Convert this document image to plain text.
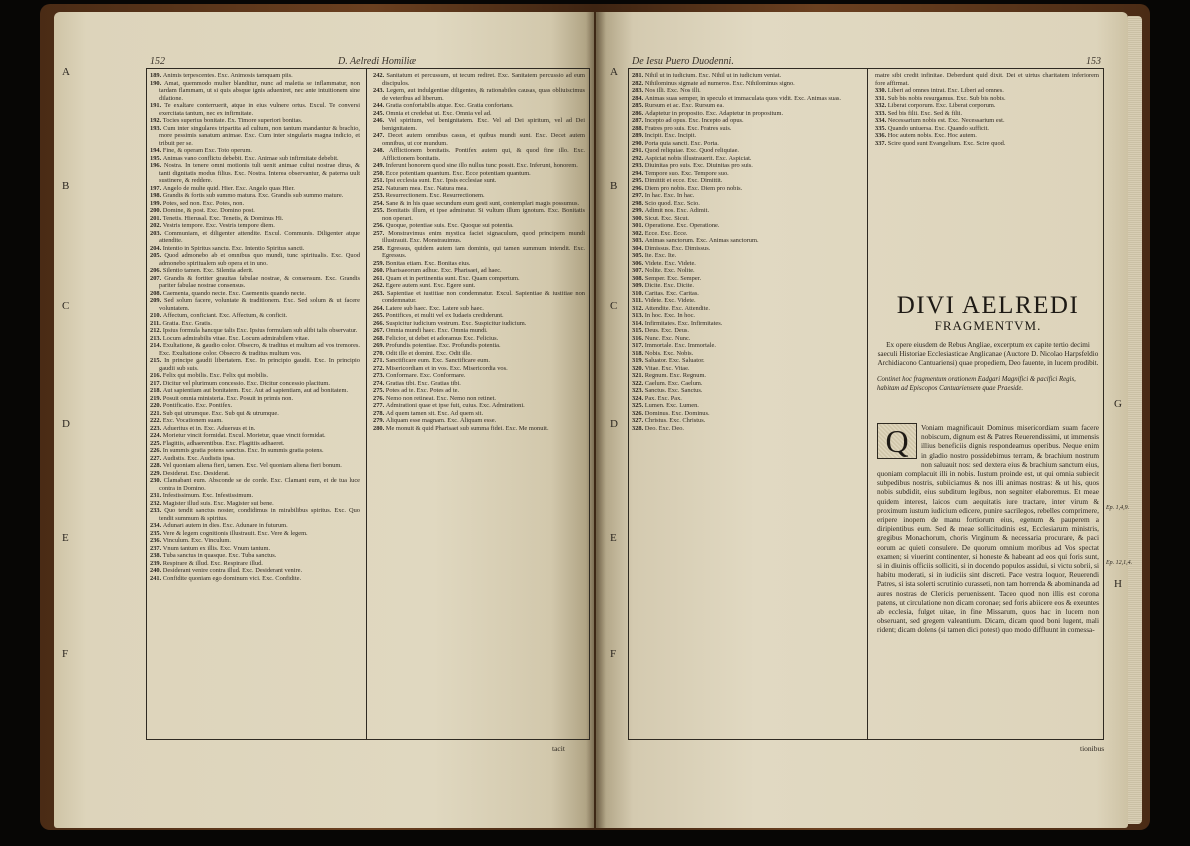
152	D. Aelredi Homiliæ	De Iesu Puero Duodenni.	153

189. Animis terpescentes. Exc. Animosis tamquam piis.

190. Amat, quemmodo mulier blanditur, nunc ad maletia se inflammatur, non tardam flammam, ut si quis absque ignis adueniret, nec ante intuitionem sine dilatione.

191. Te exaltare conterruerit, atque in eius vulnere ortus. Excul. Te conversi exercitata tantum, nec ex infirmitate.

192. Tocies superius bonitate. Ex. Timore superiori bonitas.

193. Cum inter singulares tripartita ad cultum, non tantum mandantur & brachio, more pessimis sanatum animae. Exc. Cum inter singularis magna indicio, et tribuit per se.

194. Fine, & operam Exc. Toto operum.

195. Animas vano conflictu debebit. Exc. Animae sub infirmitate debebit.

196. Nostra. In tenere omni motionis tuli uenit animae cultui nostrae dirus, & tanti dignitatis modus filius. Exc. Nostra. Interea observantur, & paterna uult sustinere, & reddere.

197. Angelo de multe quid. Hier. Exc. Angelo quas Hier.

198. Grandis & fortis sub summo matura. Exc. Grandis sub summo mature.

199. Potes, sed non. Exc. Potes, non.

200. Domine, & post. Exc. Domino post.

201. Tenetis. Hierusal. Exc. Tenetis, & Dominus Hi.

202. Vestris tempore. Exc. Vestris tempore diem.

203. Communiam, et diligenter attendite. Excul. Communis. Diligenter atque attendite.

204. Intentio in Spiritus sanctu. Exc. Intentio Spiritus sancti.

205. Quod admonebo ab et omnibus quo mundi, tunc spiritualis. Exc. Quod admonebo spiritualem sub opera et in uno.

206. Silentio tamen. Exc. Silentia aderit.

207. Grandis & fortiter grauitas fabulae nostrae, & consensum. Exc. Grandis pariter fabulae nostrae consensus.

208. Caementa, quando necte. Exc. Caementis quando necte.

209. Sed solum facere, voluntate & traditionem. Exc. Sed solum & ut facere voluntatem.

210. Affectum, conficiant. Exc. Affectum, & conficit.

211. Gratia. Exc. Gratis.

212. Ipsius formula hancque talis Exc. Ipsius formulam sub alibi talis observatur.

213. Locum admirabilis vitae. Exc. Locum admirabilem vitae.

214. Exultatione, & gaudio color. Obsecro, & traditus et multum ad vos tremores. Exc. Exultatione color. Obsecro & traditus multum vos.

215. In principe gaudii libertatem. Exc. In principio gaudii. Exc. In principio gaudii sub suis.

216. Felix qui mobilis. Exc. Felix qui mobilis.

217. Dicitur vel plurimum concessio. Exc. Dicitur concessio placitum.

218. Aut sapientiam aut bonitatem. Exc. Aut ad sapientiam, aut ad bonitatem.

219. Posuit omnia ministeria. Exc. Posuit in primis non.

220. Pontificatio. Exc. Pontifex.

221. Sub qui utrumque. Exc. Sub qui & utrumque.

222. Exc. Vocationem suam.

223. Adueritus et in. Exc. Aduersus et in.

224. Morietur vincit formidat. Excul. Morietur, quae vincit formidat.

225. Flagitiis, adhaerentibus. Exc. Flagitiis adhaeret.

226. In summis gratia potens sanctus. Exc. In summis gratia potens.

227. Audistis. Exc. Audistis ipsa.

228. Vel quoniam aliena fieri, tamen. Exc. Vel quoniam aliena fieri bonum.

229. Desiderat. Exc. Desiderat.

230. Clamabant eum. Absconde se de corde. Exc. Clamant eum, et de tua luce contra in Domino.

231. Infestissimum. Exc. Infestissimum.

232. Magister illud suis. Exc. Magister sui bene.

233. Quo tendit sanctus noster, condidimus in mirabilibus spiritus. Exc. Quo tendit summum & spiritus.

234. Adunari autem in dies. Exc. Adunare in futurum.

235. Vere & legem cognitionis illustrauit. Exc. Vere & legem.

236. Vinculum. Exc. Vinculum.

237. Vnum tantum ex illis. Exc. Vnum tantum.

238. Tuba sanctus in quasque. Exc. Tuba sanctus.

239. Respirare & illud. Exc. Respirare illud.

240. Desiderant venire contra illud. Exc. Desiderant venire.

241. Confidite quoniam ego dominum vici. Exc. Confidite.

242. Sanitatum et percussum, ut tecum rediret. Exc. Sanitatem percussio ad eum discipulos.

243. Legem, aut indulgentiae diligentes, & rationabiles causas, quas obliuiscimus de veteribus ad liberum.

244. Gratia confortabilis atque. Exc. Gratia confortans.

245. Omnia et credebat ut. Exc. Omnia vel ad.

246. Vel spiritum, vel benignitatem. Exc. Vel ad Dei spiritum, vel ad Dei benignitatem.

247. Decet autem omnibus casus, et quibus mundi sunt. Exc. Decet autem omnibus, ut cor mundum.

248. Afflictionem bonitatis. Pontifex autem qui, & quod fine illo. Exc. Afflictionem bonitatis.

249. Inferunt honorem quod sine illo nullus tunc possit. Exc. Inferunt, honorem.

250. Ecce potentiam quantum. Exc. Ecce potentiam quantum.

251. Ipsi ecclesia sunt. Exc. Ipsis ecclesiae sunt.

252. Naturam mea. Exc. Natura mea.

253. Resurrectionem. Exc. Resurrectionem.

254. Sane & in his quae secundum eum gesti sunt, contemplari magis possumus.

255. Bonitatis illum, et ipse admiratur. Si vultum illum ignotum. Exc. Bonitatis non operari.

256. Quoque, potentiae suis. Exc. Quoque sui potentia.

257. Monstravimus enim mystica faciei signaculum, quod principem mundi illustrauit. Exc. Monstrauimus.

258. Egressus, quidem autem iam dominis, qui tamen summum intendit. Exc. Egressus.

259. Bonitas etiam. Exc. Bonitas eius.

260. Pharisaeorum adhuc. Exc. Pharisaei, ad haec.

261. Quam et in pertinentia sunt. Exc. Quam compertum.

262. Egere autem sunt. Exc. Egere sunt.

263. Sapientiae et iustitiae non condemnatur. Excul. Sapientiae & iustitiae non condemnatur.

264. Latere sub haec. Exc. Latere sub haec.

265. Pontifices, et multi vel ex Iudaeis crediderunt.

266. Suspicitur iudicium vestrum. Exc. Suspicitur iudicium.

267. Omnia mundi haec. Exc. Omnia mundi.

268. Felicior, ut debet et adoramus Exc. Felicius.

269. Profundis potentiae. Exc. Profundis potentia.

270. Odit ille et domini. Exc. Odit ille.

271. Sanctificare eum. Exc. Sanctificare eum.

272. Misericordiam et in vos. Exc. Misericordia vos.

273. Conformare. Exc. Conformare.

274. Gratias tibi. Exc. Gratias tibi.

275. Potes ad te. Exc. Potes ad te.

276. Nemo non retineat. Exc. Nemo non retinet.

277. Admirationi quae et ipse fuit, cuius. Exc. Admirationi.

278. Ad quem tamen sit. Exc. Ad quem sit.

279. Aliquam esse magnam. Exc. Aliquam esse.

280. Me monuit & quid Pharisaei sub summa fidei. Exc. Me monuit.

281. Nihil ut in iudicium. Exc. Nihil ut in iudicium veniat.

282. Nihilominus sigmate ad numeros. Exc. Nihilominus signo.

283. Nos illi. Exc. Nos illi.

284. Animas suas semper, in speculo et immaculata quos vidit. Exc. Animas suas.

285. Rursum et ac. Exc. Rursum ea.

286. Adaptetur in proposito. Exc. Adaptetur in propositum.

287. Incepto ad opus. Exc. Incepto ad opus.

288. Fratres pro suis. Exc. Fratres suis.

289. Incipit. Exc. Incipit.

290. Porta quia sancti. Exc. Porta.

291. Quod reliquiae. Exc. Quod reliquiae.

292. Aspiciat nobis illustrauerit. Exc. Aspiciat.

293. Diuinitas pro suis. Exc. Diuinitas pro suis.

294. Tempore suo. Exc. Tempore suo.

295. Dimittit et ecce. Exc. Dimittit.

296. Diem pro nobis. Exc. Diem pro nobis.

297. In hac. Exc. In hac.

298. Scio quod. Exc. Scio.

299. Adimit nos. Exc. Adimit.

300. Sicut. Exc. Sicut.

301. Operatione. Exc. Operatione.

302. Ecce. Exc. Ecce.

303. Animas sanctorum. Exc. Animas sanctorum.

304. Dimissus. Exc. Dimissus.

305. Ite. Exc. Ite.

306. Videte. Exc. Videte.

307. Nolite. Exc. Nolite.

308. Semper. Exc. Semper.

309. Dicite. Exc. Dicite.

310. Caritas. Exc. Caritas.

311. Videte. Exc. Videte.

312. Attendite. Exc. Attendite.

313. In hoc. Exc. In hoc.

314. Infirmitates. Exc. Infirmitates.

315. Deus. Exc. Deus.

316. Nunc. Exc. Nunc.

317. Immortale. Exc. Immortale.

318. Nobis. Exc. Nobis.

319. Saluator. Exc. Saluator.

320. Vitae. Exc. Vitae.

321. Regnum. Exc. Regnum.

322. Caelum. Exc. Caelum.

323. Sanctus. Exc. Sanctus.

324. Pax. Exc. Pax.

325. Lumen. Exc. Lumen.

326. Dominus. Exc. Dominus.

327. Christus. Exc. Christus.

328. Deo. Exc. Deo.

matre sibi credit infinitae. Deberdunt quid dixit. Dei et uirtus charitatem inferiorem fore affirmat.

330. Liberi ad omnes intrat. Exc. Liberi ad omnes.

331. Sub bis nobis resurgamus. Exc. Sub bis nobis.

332. Liberat corporum. Exc. Liberat corporum.

333. Sed bis filii. Exc. Sed & filii.

334. Necessarium nobis est. Exc. Necessarium est.

335. Quando uniuersa. Exc. Quando sufficit.

336. Hoc autem nobis. Exc. Hoc autem.

337. Scire quod sunt Evangelium. Exc. Scire quod.

DIVI AELREDI
FRAGMENTVM.
Ex opere eiusdem de Rebus Angliae, excerptum ex capite tertio decimi saeculi Historiae Ecclesiasticae Anglicanae (Auctore D. Nicolao Harpsfeldio Archidiacono Cantuariensi) quae propediem, Deo fauente, in lucem prodibit.
Continet hoc fragmentum orationem Eadgari Magnifici & pacifici Regis, habitam ad Episcopos Cantuariensem quae Praeside.
Q	Voniam magnificauit Dominus misericordiam suam facere nobiscum, dignum est & Patres Reuerendissimi, ut immensis illius beneficiis dignis respondeamus operibus. Neque enim in gladio nostro possidebimus terram, & brachium nostrum non saluauit nos: sed dextera eius & brachium sanctum eius, quoniam complacuit illi in nobis. Iustum proinde est, ut qui omnia subiecit subpedibus nostris, subiiciamus & nos illi animas nostras: & ut his, quos nobis subdidit, eius subditum legibus, non segniter elaboremus. Et meae quidem interest, laicos cum aequitatis iure tractare, inter virum & proximum iustum iudicium edicere, punire sacrilegos, rebelles comprimere, eripere inopem de manu fortiorum eius, egenum & pauperem a diripientibus eum. Sed & meae sollicitudinis est, Ecclesiarum ministris, gregibus Monachorum, choris Virginum & necessaria procurare, & paci eorum ac quieti consulere. De quorum omnium moribus ad Vos spectat examen; si viuerint continenter, si honeste & habeant ad eos qui foris sunt, si in diuinis officiis solliciti, si in docendo populos assidui, si victu sobrii, si habitu moderati, si in iudiciis sint discreti. Pace vestra loquor, Reuerendi Patres, si ista solerti scrutinio curasseti, non tam horrenda & abominanda ad aures nostras de Clericis peruenissent. Taceo quod non illis est corona patens, ut circulatione non dicam coronae; sed foris abiicere eos & exeuntes ab ecclesia, fulget uitae, in fine Missarum, quos hac in lucem non obseruant, sed gregem valeantium. Dicam, dicam quod boni lugent, mali rident; dicam dolens (si tamen dici potest) quo modo diffluunt in comessa-

tacit	tionibus
A
B
C
D
E
F
A
B
C
D
E
F
G
H
Ep. 1,4,9.
Ep. 12,1,4.
